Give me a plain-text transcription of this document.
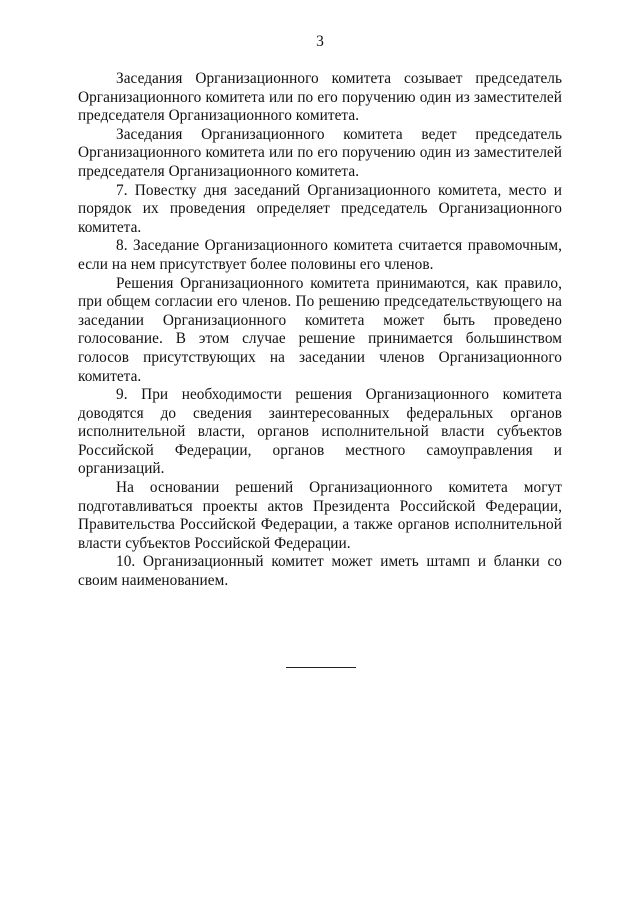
3

Заседания Организационного комитета созывает председатель Организационного комитета или по его поручению один из заместителей председателя Организационного комитета.

Заседания Организационного комитета ведет председатель Организационного комитета или по его поручению один из заместителей председателя Организационного комитета.

7. Повестку дня заседаний Организационного комитета, место и порядок их проведения определяет председатель Организационного комитета.

8. Заседание Организационного комитета считается правомочным, если на нем присутствует более половины его членов.

Решения Организационного комитета принимаются, как правило, при общем согласии его членов. По решению председательствующего на заседании Организационного комитета может быть проведено голосование. В этом случае решение принимается большинством голосов присутствующих на заседании членов Организационного комитета.

9. При необходимости решения Организационного комитета доводятся до сведения заинтересованных федеральных органов исполнительной власти, органов исполнительной власти субъектов Российской Федерации, органов местного самоуправления и организаций.

На основании решений Организационного комитета могут подготавливаться проекты актов Президента Российской Федерации, Правительства Российской Федерации, а также органов исполнительной власти субъектов Российской Федерации.

10. Организационный комитет может иметь штамп и бланки со своим наименованием.
